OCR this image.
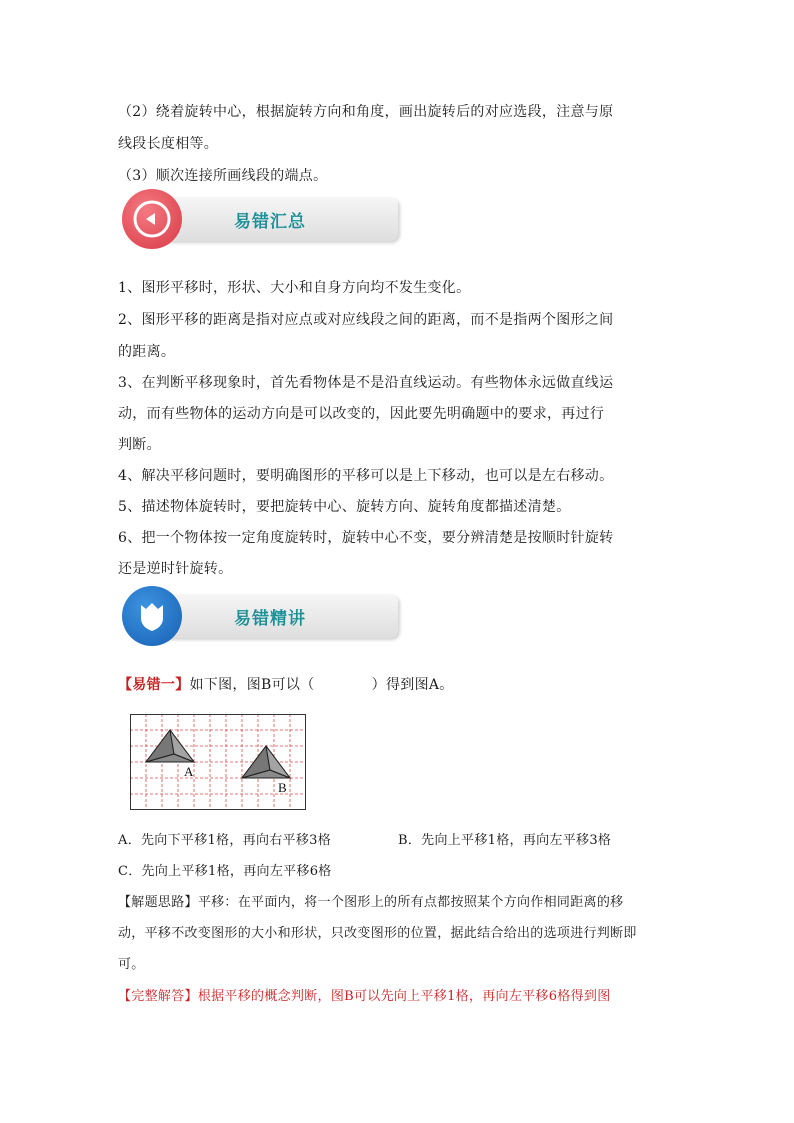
（2）绕着旋转中心，根据旋转方向和角度，画出旋转后的对应选段，注意与原
线段长度相等。
（3）顺次连接所画线段的端点。
易错汇总
1、图形平移时，形状、大小和自身方向均不发生变化。
2、图形平移的距离是指对应点或对应线段之间的距离，而不是指两个图形之间
的距离。
3、在判断平移现象时，首先看物体是不是沿直线运动。有些物体永远做直线运
动，而有些物体的运动方向是可以改变的，因此要先明确题中的要求，再过行
判断。
4、解决平移问题时，要明确图形的平移可以是上下移动，也可以是左右移动。
5、描述物体旋转时，要把旋转中心、旋转方向、旋转角度都描述清楚。
6、把一个物体按一定角度旋转时，旋转中心不变，要分辨清楚是按顺时针旋转
还是逆时针旋转。
易错精讲
【易错一】如下图，图B可以（　　　　）得到图A。
A
B
A．先向下平移1格，再向右平移3格	B．先向上平移1格，再向左平移3格
C．先向上平移1格，再向左平移6格
【解题思路】平移：在平面内，将一个图形上的所有点都按照某个方向作相同距离的移
动，平移不改变图形的大小和形状，只改变图形的位置，据此结合给出的选项进行判断即
可。
【完整解答】根据平移的概念判断，图B可以先向上平移1格，再向左平移6格得到图
